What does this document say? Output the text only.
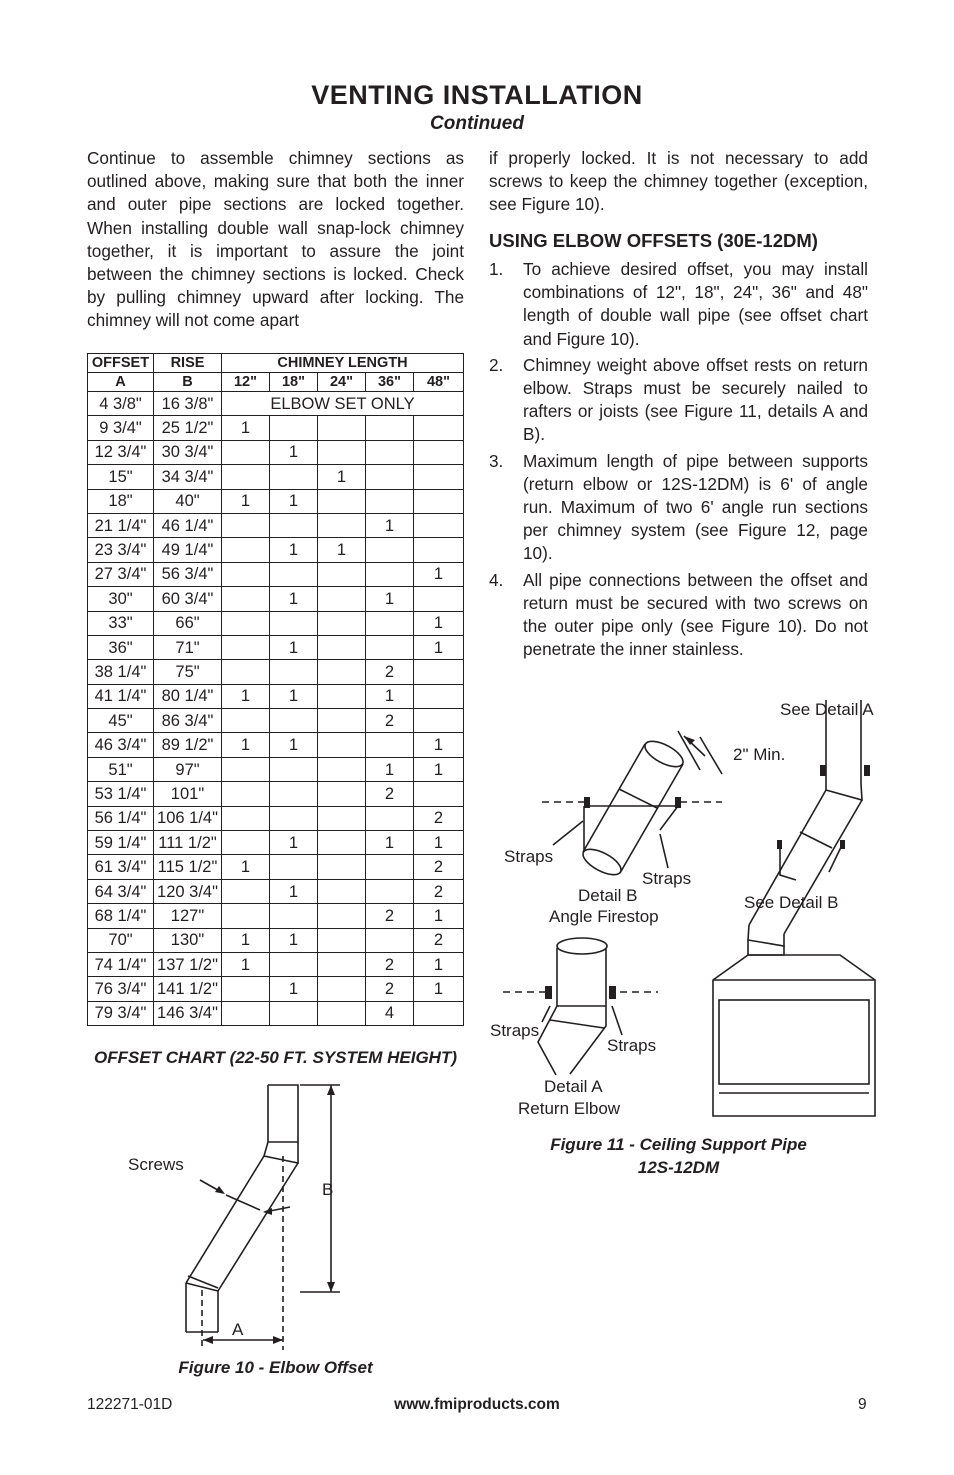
VENTING INSTALLATION
Continued
Continue to assemble chimney sections as outlined above, making sure that both the inner and outer pipe sections are locked together. When installing double wall snap-lock chimney together, it is important to assure the joint between the chimney sections is locked. Check by pulling chimney upward after locking. The chimney will not come apart
if properly locked. It is not necessary to add screws to keep the chimney together (exception, see Figure 10).
USING ELBOW OFFSETS (30E-12DM)
1. To achieve desired offset, you may install combinations of 12", 18", 24", 36" and 48" length of double wall pipe (see offset chart and Figure 10).
2. Chimney weight above offset rests on return elbow. Straps must be securely nailed to rafters or joists (see Figure 11, details A and B).
3. Maximum length of pipe between supports (return elbow or 12S-12DM) is 6' of angle run. Maximum of two 6' angle run sections per chimney system (see Figure 12, page 10).
4. All pipe connections between the offset and return must be secured with two screws on the outer pipe only (see Figure 10). Do not penetrate the inner stainless.
OFFSET	RISE	CHIMNEY LENGTH				
A	B	12"	18"	24"	36"	48"
4 3/8"	16 3/8"	ELBOW SET ONLY				
9 3/4"	25 1/2"	1				
12 3/4"	30 3/4"		1			
15"	34 3/4"			1		
18"	40"	1	1			
21 1/4"	46 1/4"				1	
23 3/4"	49 1/4"		1	1		
27 3/4"	56 3/4"					1
30"	60 3/4"		1		1	
33"	66"					1
36"	71"		1			1
38 1/4"	75"				2	
41 1/4"	80 1/4"	1	1		1	
45"	86 3/4"				2	
46 3/4"	89 1/2"	1	1			1
51"	97"				1	1
53 1/4"	101"				2	
56 1/4"	106 1/4"					2
59 1/4"	111 1/2"		1		1	1
61 3/4"	115 1/2"	1				2
64 3/4"	120 3/4"		1			2
68 1/4"	127"				2	1
70"	130"	1	1			2
74 1/4"	137 1/2"	1			2	1
76 3/4"	141 1/2"		1		2	1
79 3/4"	146 3/4"				4	
OFFSET CHART (22-50 FT. SYSTEM HEIGHT)
Screws
B
A
Figure 10 - Elbow Offset
See Detail A
2" Min.
Straps
Straps
Detail B
Angle Firestop
See Detail B
Straps
Straps
Detail A
Return Elbow
Figure 11 - Ceiling Support Pipe
12S-12DM
122271-01D	www.fmiproducts.com	9
